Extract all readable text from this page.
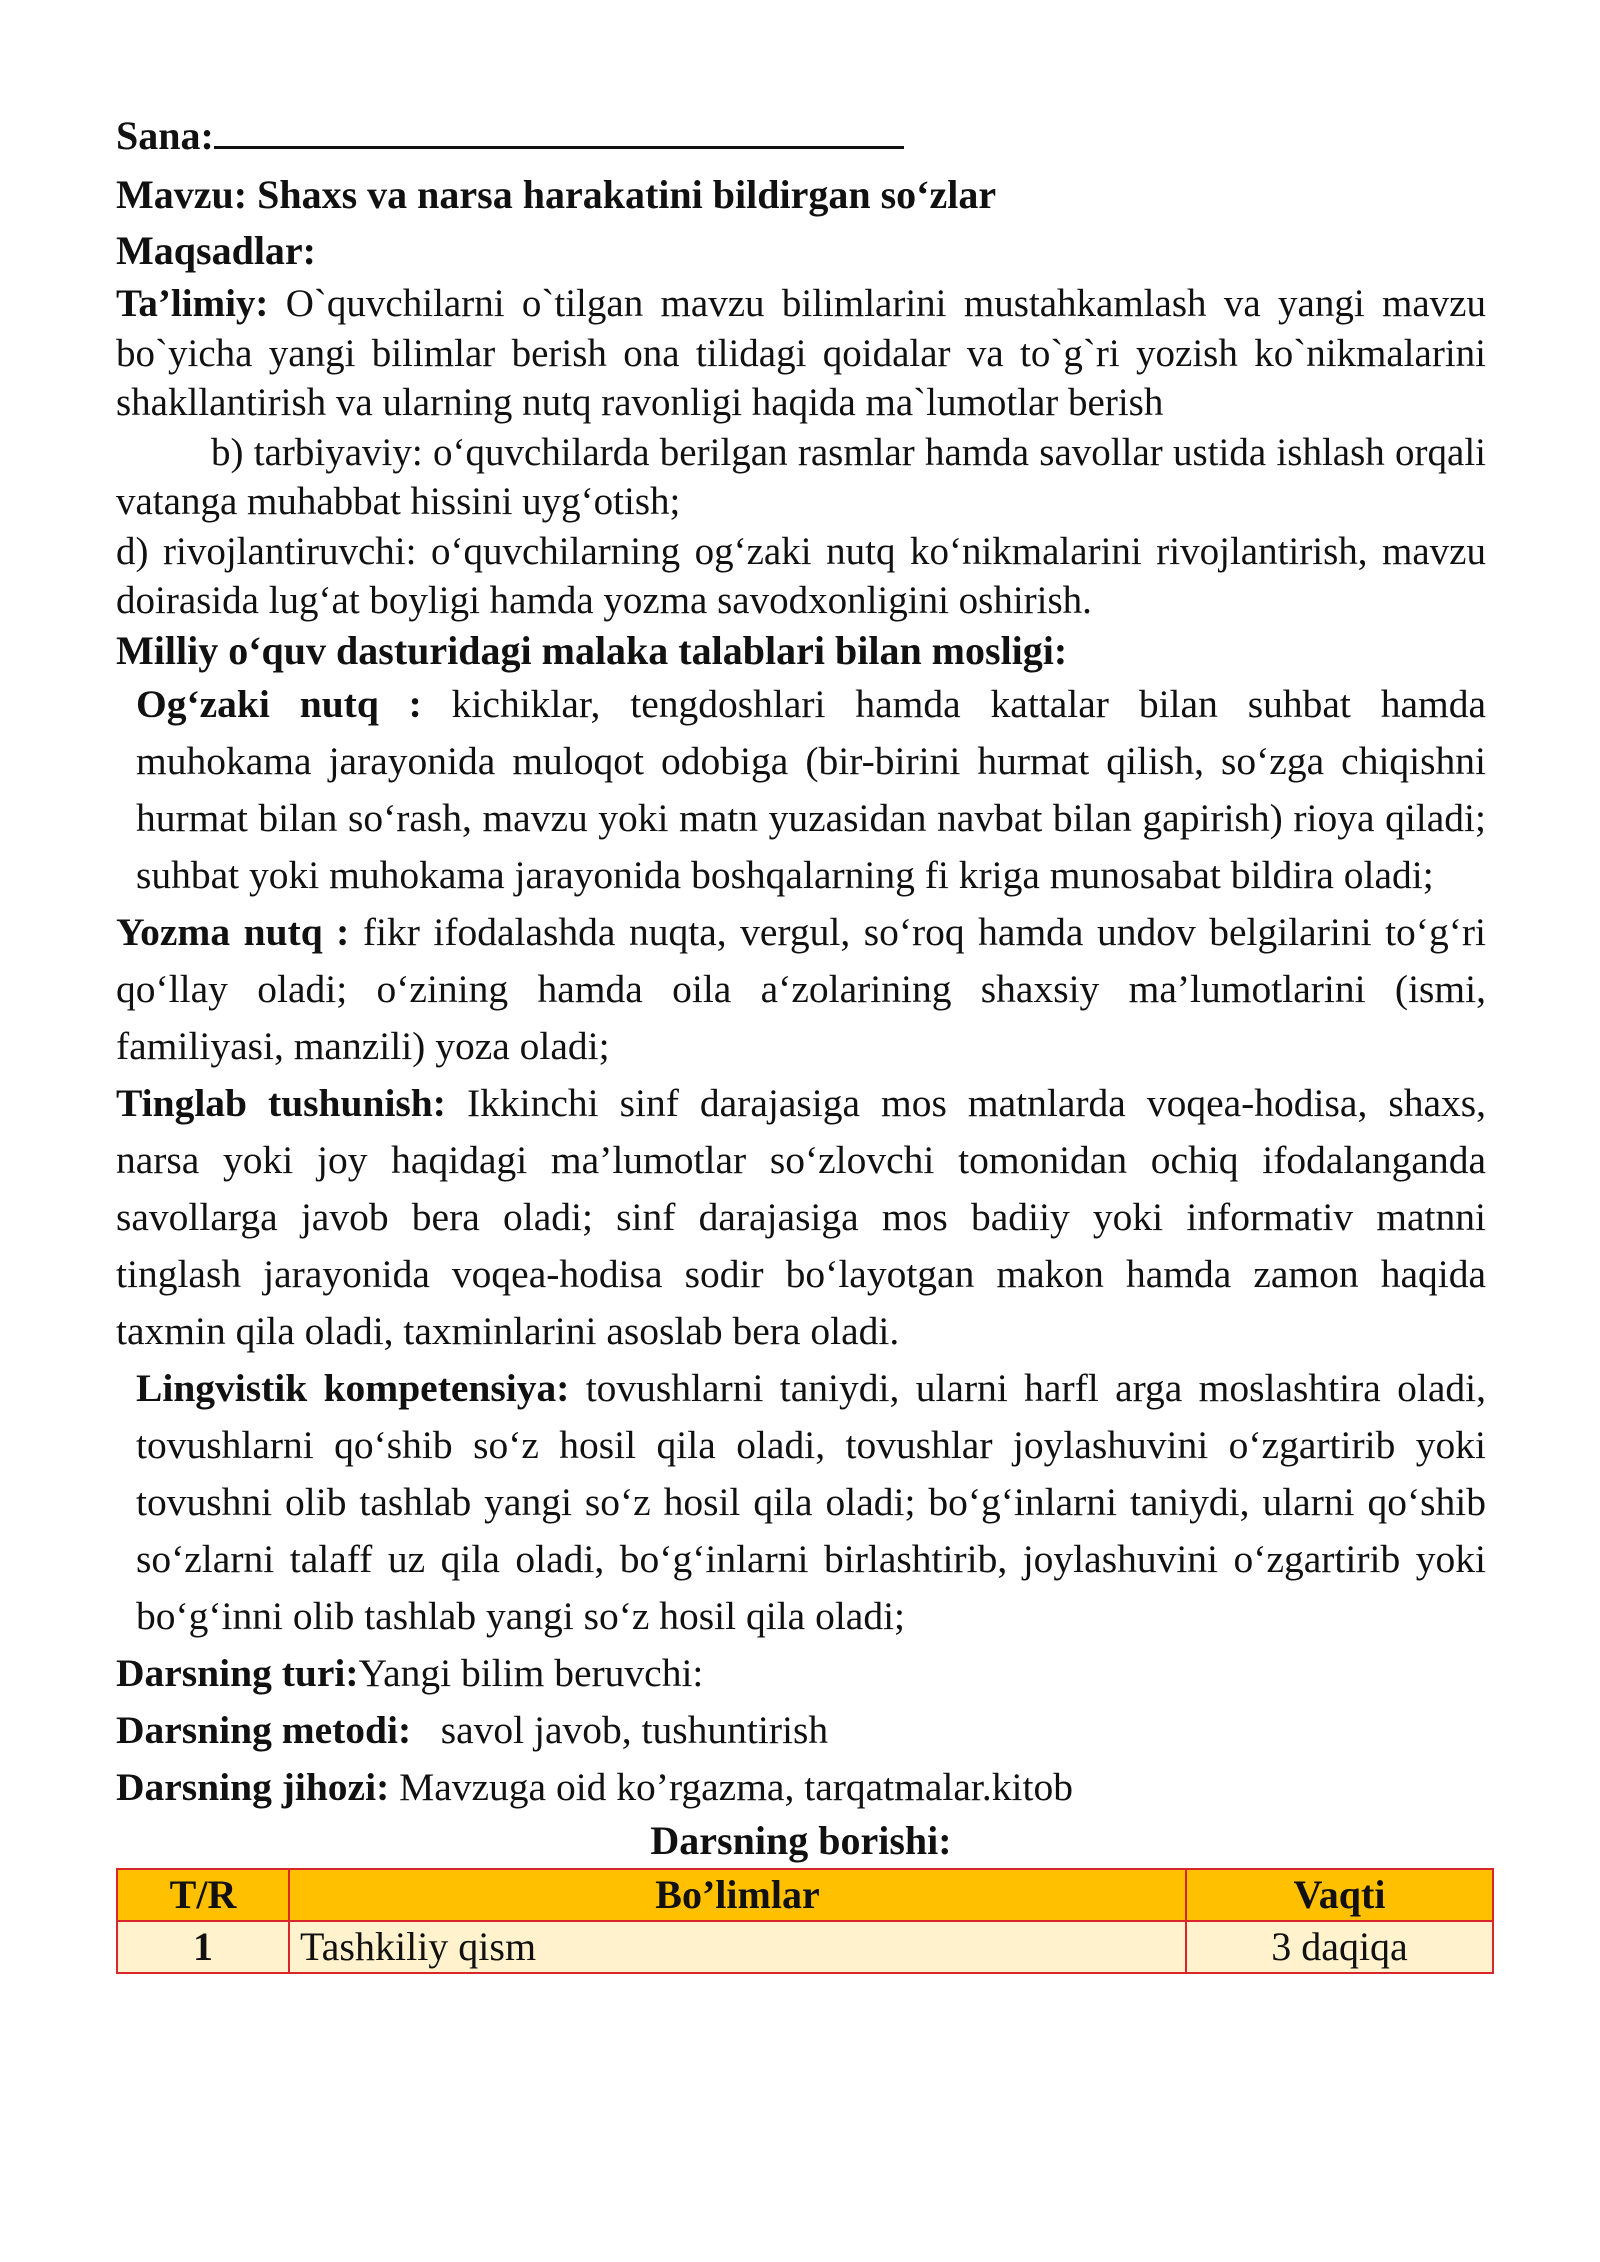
Sana:
Mavzu: Shaxs va narsa harakatini bildirgan so‘zlar
Maqsadlar:
Ta’limiy: O`quvchilarni o`tilgan mavzu bilimlarini mustahkamlash va yangi mavzu bo`yicha yangi bilimlar berish ona tilidagi qoidalar va to`g`ri yozish ko`nikmalarini shakllantirish va ularning nutq ravonligi haqida ma`lumotlar berish
b) tarbiyaviy: o‘quvchilarda berilgan rasmlar hamda savollar ustida ishlash orqali vatanga muhabbat hissini uyg‘otish;
d) rivojlantiruvchi: o‘quvchilarning og‘zaki nutq ko‘nikmalarini rivojlantirish, mavzu doirasida lug‘at boyligi hamda yozma savodxonligini oshirish.
Milliy o‘quv dasturidagi malaka talablari bilan mosligi:
Og‘zaki nutq : kichiklar, tengdoshlari hamda kattalar bilan suhbat hamda muhokama jarayonida muloqot odobiga (bir-birini hurmat qilish, so‘zga chiqishni hurmat bilan so‘rash, mavzu yoki matn yuzasidan navbat bilan gapirish) rioya qiladi; suhbat yoki muhokama jarayonida boshqalarning fi kriga munosabat bildira oladi;
Yozma nutq : fikr ifodalashda nuqta, vergul, so‘roq hamda undov belgilarini to‘g‘ri qo‘llay oladi; o‘zining hamda oila a‘zolarining shaxsiy ma’lumotlarini (ismi, familiyasi, manzili) yoza oladi;
Tinglab tushunish: Ikkinchi sinf darajasiga mos matnlarda voqea-hodisa, shaxs, narsa yoki joy haqidagi ma’lumotlar so‘zlovchi tomonidan ochiq ifodalanganda savollarga javob bera oladi; sinf darajasiga mos badiiy yoki informativ matnni tinglash jarayonida voqea-hodisa sodir bo‘layotgan makon hamda zamon haqida taxmin qila oladi, taxminlarini asoslab bera oladi.
Lingvistik kompetensiya: tovushlarni taniydi, ularni harfl arga moslashtira oladi, tovushlarni qo‘shib so‘z hosil qila oladi, tovushlar joylashuvini o‘zgartirib yoki tovushni olib tashlab yangi so‘z hosil qila oladi; bo‘g‘inlarni taniydi, ularni qo‘shib so‘zlarni talaff uz qila oladi, bo‘g‘inlarni birlashtirib, joylashuvini o‘zgartirib yoki bo‘g‘inni olib tashlab yangi so‘z hosil qila oladi;
Darsning turi:Yangi bilim beruvchi:
Darsning metodi:   savol javob, tushuntirish
Darsning jihozi: Mavzuga oid ko’rgazma, tarqatmalar.kitob
Darsning borishi:
T/R	Bo’limlar	Vaqti
1	Tashkiliy qism	3 daqiqa
